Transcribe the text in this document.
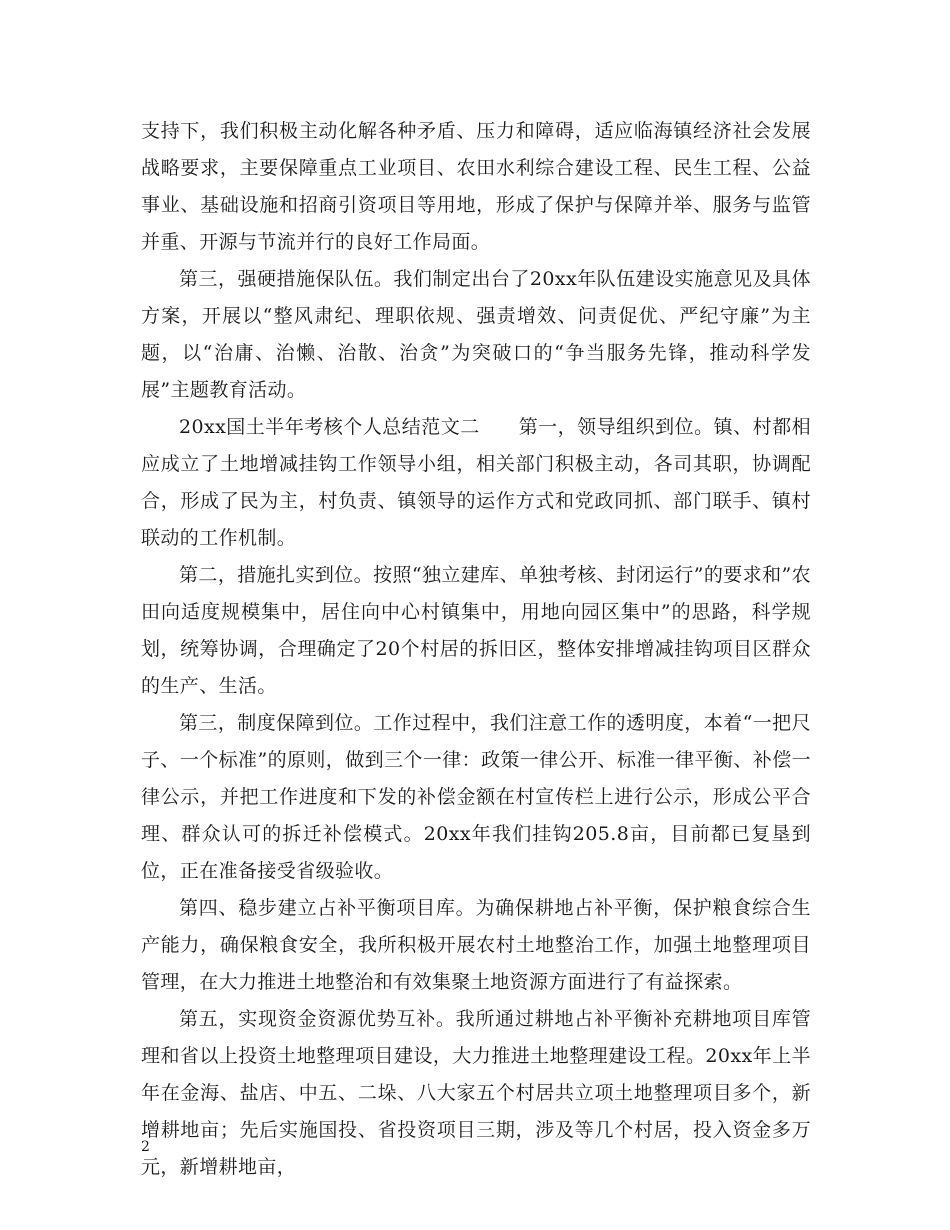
支持下，我们积极主动化解各种矛盾、压力和障碍，适应临海镇经济社会发展战略要求，主要保障重点工业项目、农田水利综合建设工程、民生工程、公益事业、基础设施和招商引资项目等用地，形成了保护与保障并举、服务与监管并重、开源与节流并行的良好工作局面。

第三，强硬措施保队伍。我们制定出台了20xx年队伍建设实施意见及具体方案，开展以“整风肃纪、理职依规、强责增效、问责促优、严纪守廉”为主题，以“治庸、治懒、治散、治贪”为突破口的“争当服务先锋，推动科学发展”主题教育活动。

20xx国土半年考核个人总结范文二　　第一，领导组织到位。镇、村都相应成立了土地增减挂钩工作领导小组，相关部门积极主动，各司其职，协调配合，形成了民为主，村负责、镇领导的运作方式和党政同抓、部门联手、镇村联动的工作机制。

第二，措施扎实到位。按照“独立建库、单独考核、封闭运行”的要求和”农田向适度规模集中，居住向中心村镇集中，用地向园区集中”的思路，科学规划，统筹协调，合理确定了20个村居的拆旧区，整体安排增减挂钩项目区群众的生产、生活。

第三，制度保障到位。工作过程中，我们注意工作的透明度，本着“一把尺子、一个标准”的原则，做到三个一律：政策一律公开、标准一律平衡、补偿一律公示，并把工作进度和下发的补偿金额在村宣传栏上进行公示，形成公平合理、群众认可的拆迁补偿模式。20xx年我们挂钩205.8亩，目前都已复垦到位，正在准备接受省级验收。

第四、稳步建立占补平衡项目库。为确保耕地占补平衡，保护粮食综合生产能力，确保粮食安全，我所积极开展农村土地整治工作，加强土地整理项目管理，在大力推进土地整治和有效集聚土地资源方面进行了有益探索。

第五，实现资金资源优势互补。我所通过耕地占补平衡补充耕地项目库管理和省以上投资土地整理项目建设，大力推进土地整理建设工程。20xx年上半年在金海、盐店、中五、二垛、八大家五个村居共立项土地整理项目多个，新增耕地亩；先后实施国投、省投资项目三期，涉及等几个村居，投入资金多万元，新增耕地亩，

2
